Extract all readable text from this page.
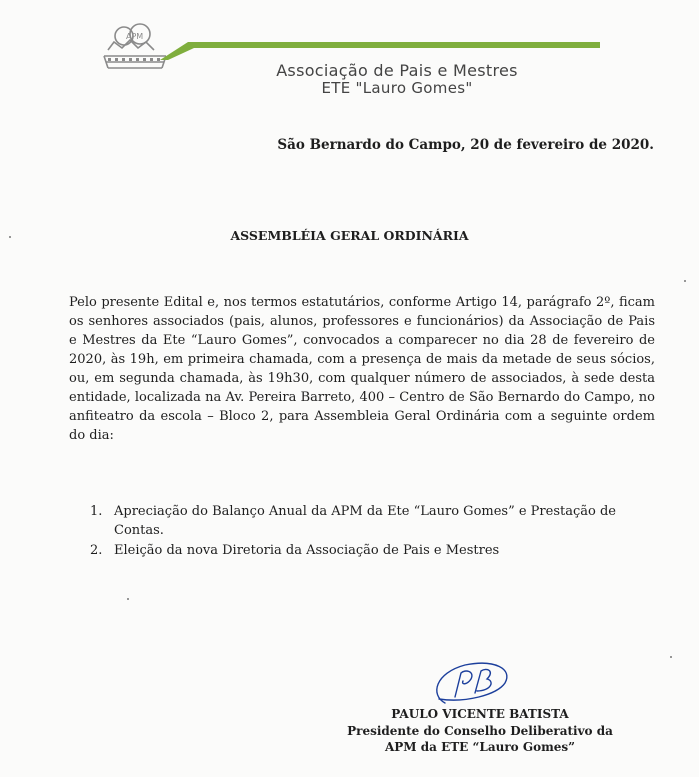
APM
Associação de Pais e Mestres
ETE "Lauro Gomes"
São Bernardo do Campo, 20 de fevereiro de 2020.
ASSEMBLÉIA GERAL ORDINÁRIA
Pelo presente Edital e, nos termos estatutários, conforme Artigo 14, parágrafo 2º, ficam os senhores associados (pais, alunos, professores e funcionários) da Associação de Pais e Mestres da Ete “Lauro Gomes”, convocados a comparecer no dia 28 de fevereiro de 2020, às 19h, em primeira chamada, com a presença de mais da metade de seus sócios, ou, em segunda chamada, às 19h30, com qualquer número de associados, à sede desta entidade, localizada na Av. Pereira Barreto, 400 – Centro de São Bernardo do Campo, no anfiteatro da escola – Bloco 2, para Assembleia Geral Ordinária com a seguinte ordem do dia:
1. Apreciação do Balanço Anual da APM da Ete “Lauro Gomes” e Prestação de Contas.
2. Eleição da nova Diretoria da Associação de Pais e Mestres
PAULO VICENTE BATISTA
Presidente do Conselho Deliberativo da
APM da ETE “Lauro Gomes”
